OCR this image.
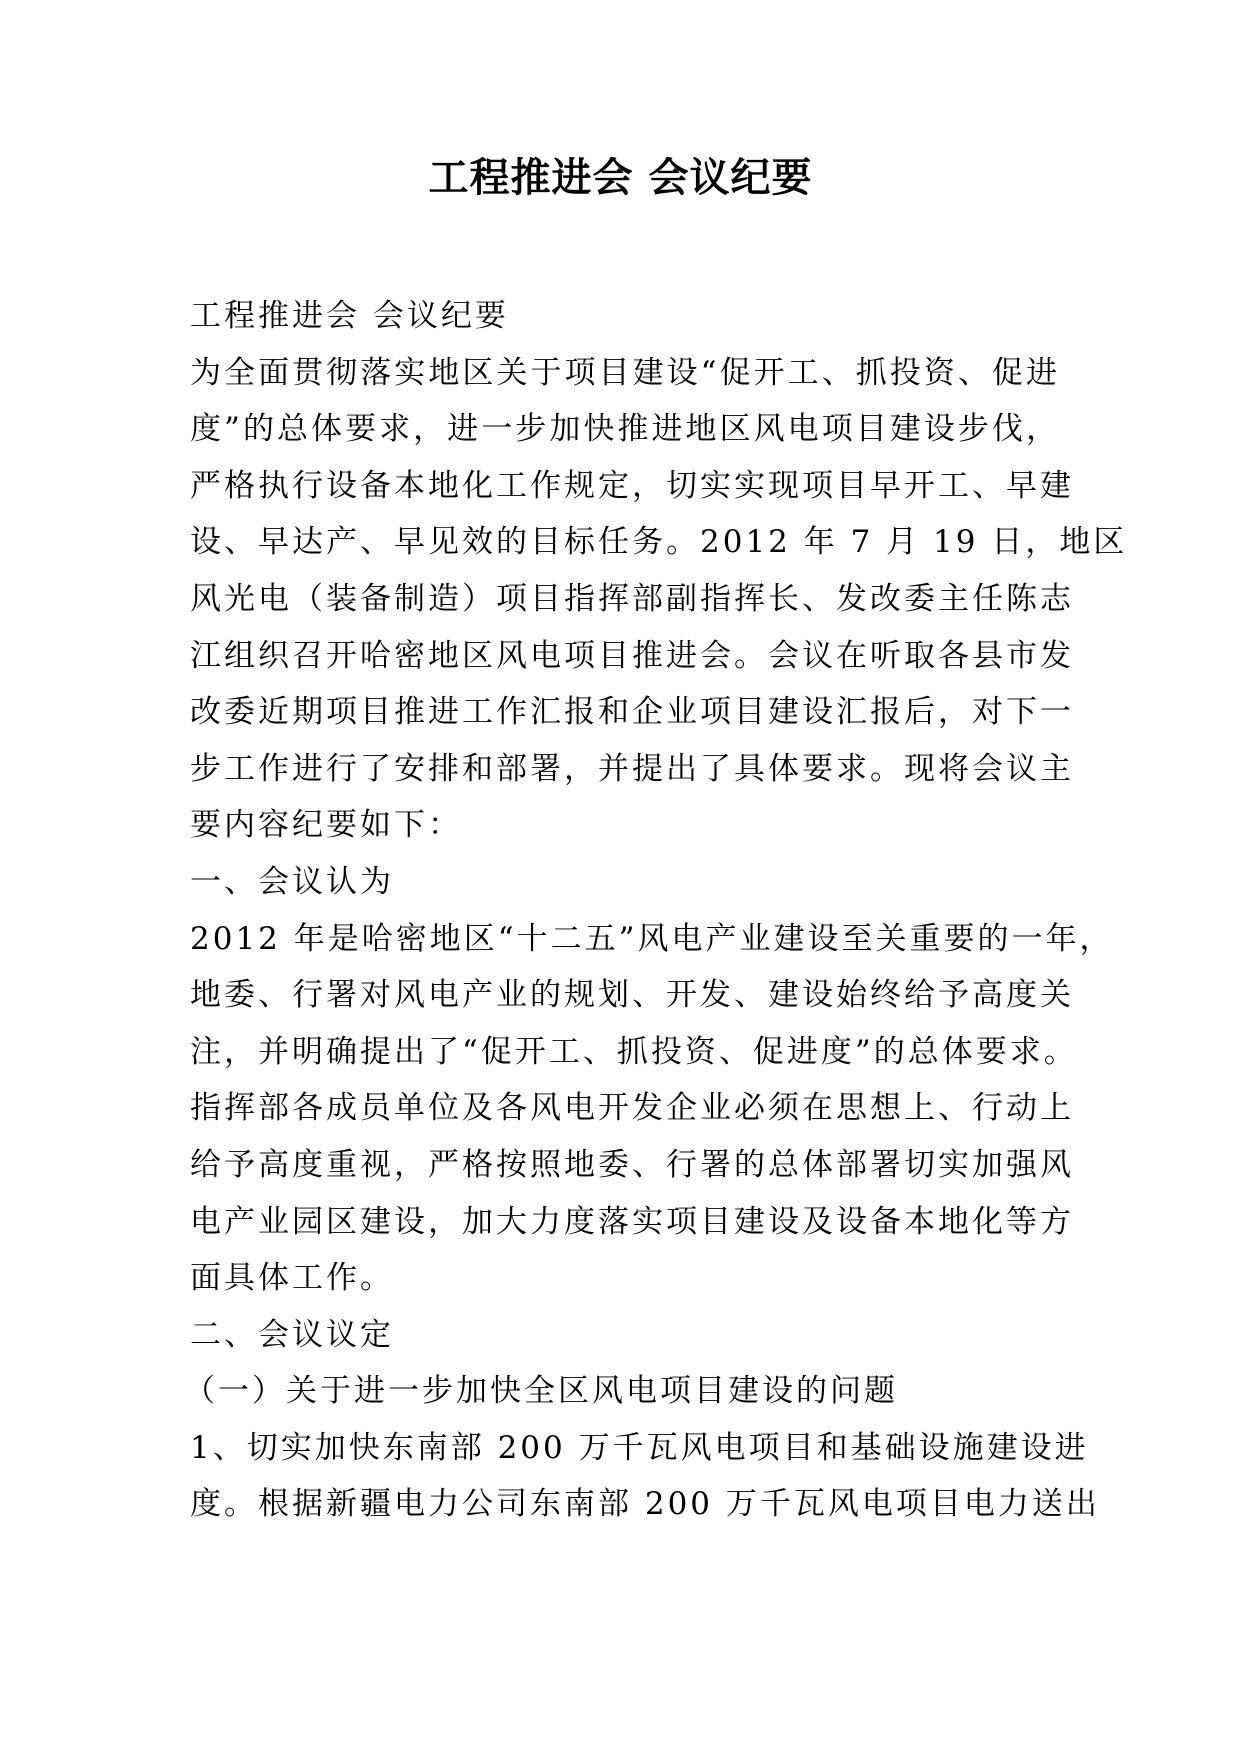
工程推进会 会议纪要
工程推进会 会议纪要
为全面贯彻落实地区关于项目建设“促开工、抓投资、促进
度”的总体要求，进一步加快推进地区风电项目建设步伐，
严格执行设备本地化工作规定，切实实现项目早开工、早建
设、早达产、早见效的目标任务。2012 年 7 月 19 日，地区
风光电（装备制造）项目指挥部副指挥长、发改委主任陈志
江组织召开哈密地区风电项目推进会。会议在听取各县市发
改委近期项目推进工作汇报和企业项目建设汇报后，对下一
步工作进行了安排和部署，并提出了具体要求。现将会议主
要内容纪要如下：
一、会议认为
2012 年是哈密地区“十二五”风电产业建设至关重要的一年，
地委、行署对风电产业的规划、开发、建设始终给予高度关
注，并明确提出了“促开工、抓投资、促进度”的总体要求。
指挥部各成员单位及各风电开发企业必须在思想上、行动上
给予高度重视，严格按照地委、行署的总体部署切实加强风
电产业园区建设，加大力度落实项目建设及设备本地化等方
面具体工作。
二、会议议定
（一）关于进一步加快全区风电项目建设的问题
1、切实加快东南部 200 万千瓦风电项目和基础设施建设进
度。根据新疆电力公司东南部 200 万千瓦风电项目电力送出
